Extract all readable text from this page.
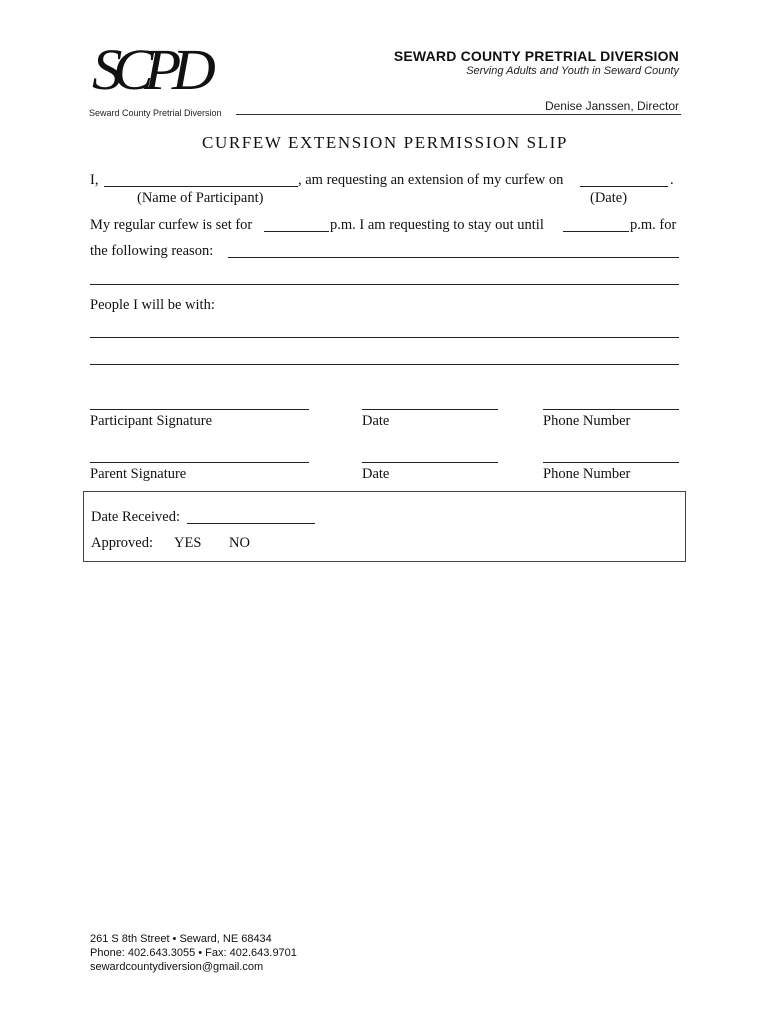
SCPD
Seward County Pretrial Diversion
SEWARD COUNTY PRETRIAL DIVERSION
Serving Adults and Youth in Seward County
Denise Janssen, Director
CURFEW EXTENSION PERMISSION SLIP
I,	, am requesting an extension of my curfew on	.
(Name of Participant)	(Date)
My regular curfew is set for	p.m. I am requesting to stay out until	p.m. for
the following reason:
People I will be with:
Participant Signature	Date	Phone Number
Parent Signature	Date	Phone Number
Date Received:
Approved: YES NO
261 S 8th Street • Seward, NE 68434
Phone: 402.643.3055 • Fax: 402.643.9701
sewardcountydiversion@gmail.com
